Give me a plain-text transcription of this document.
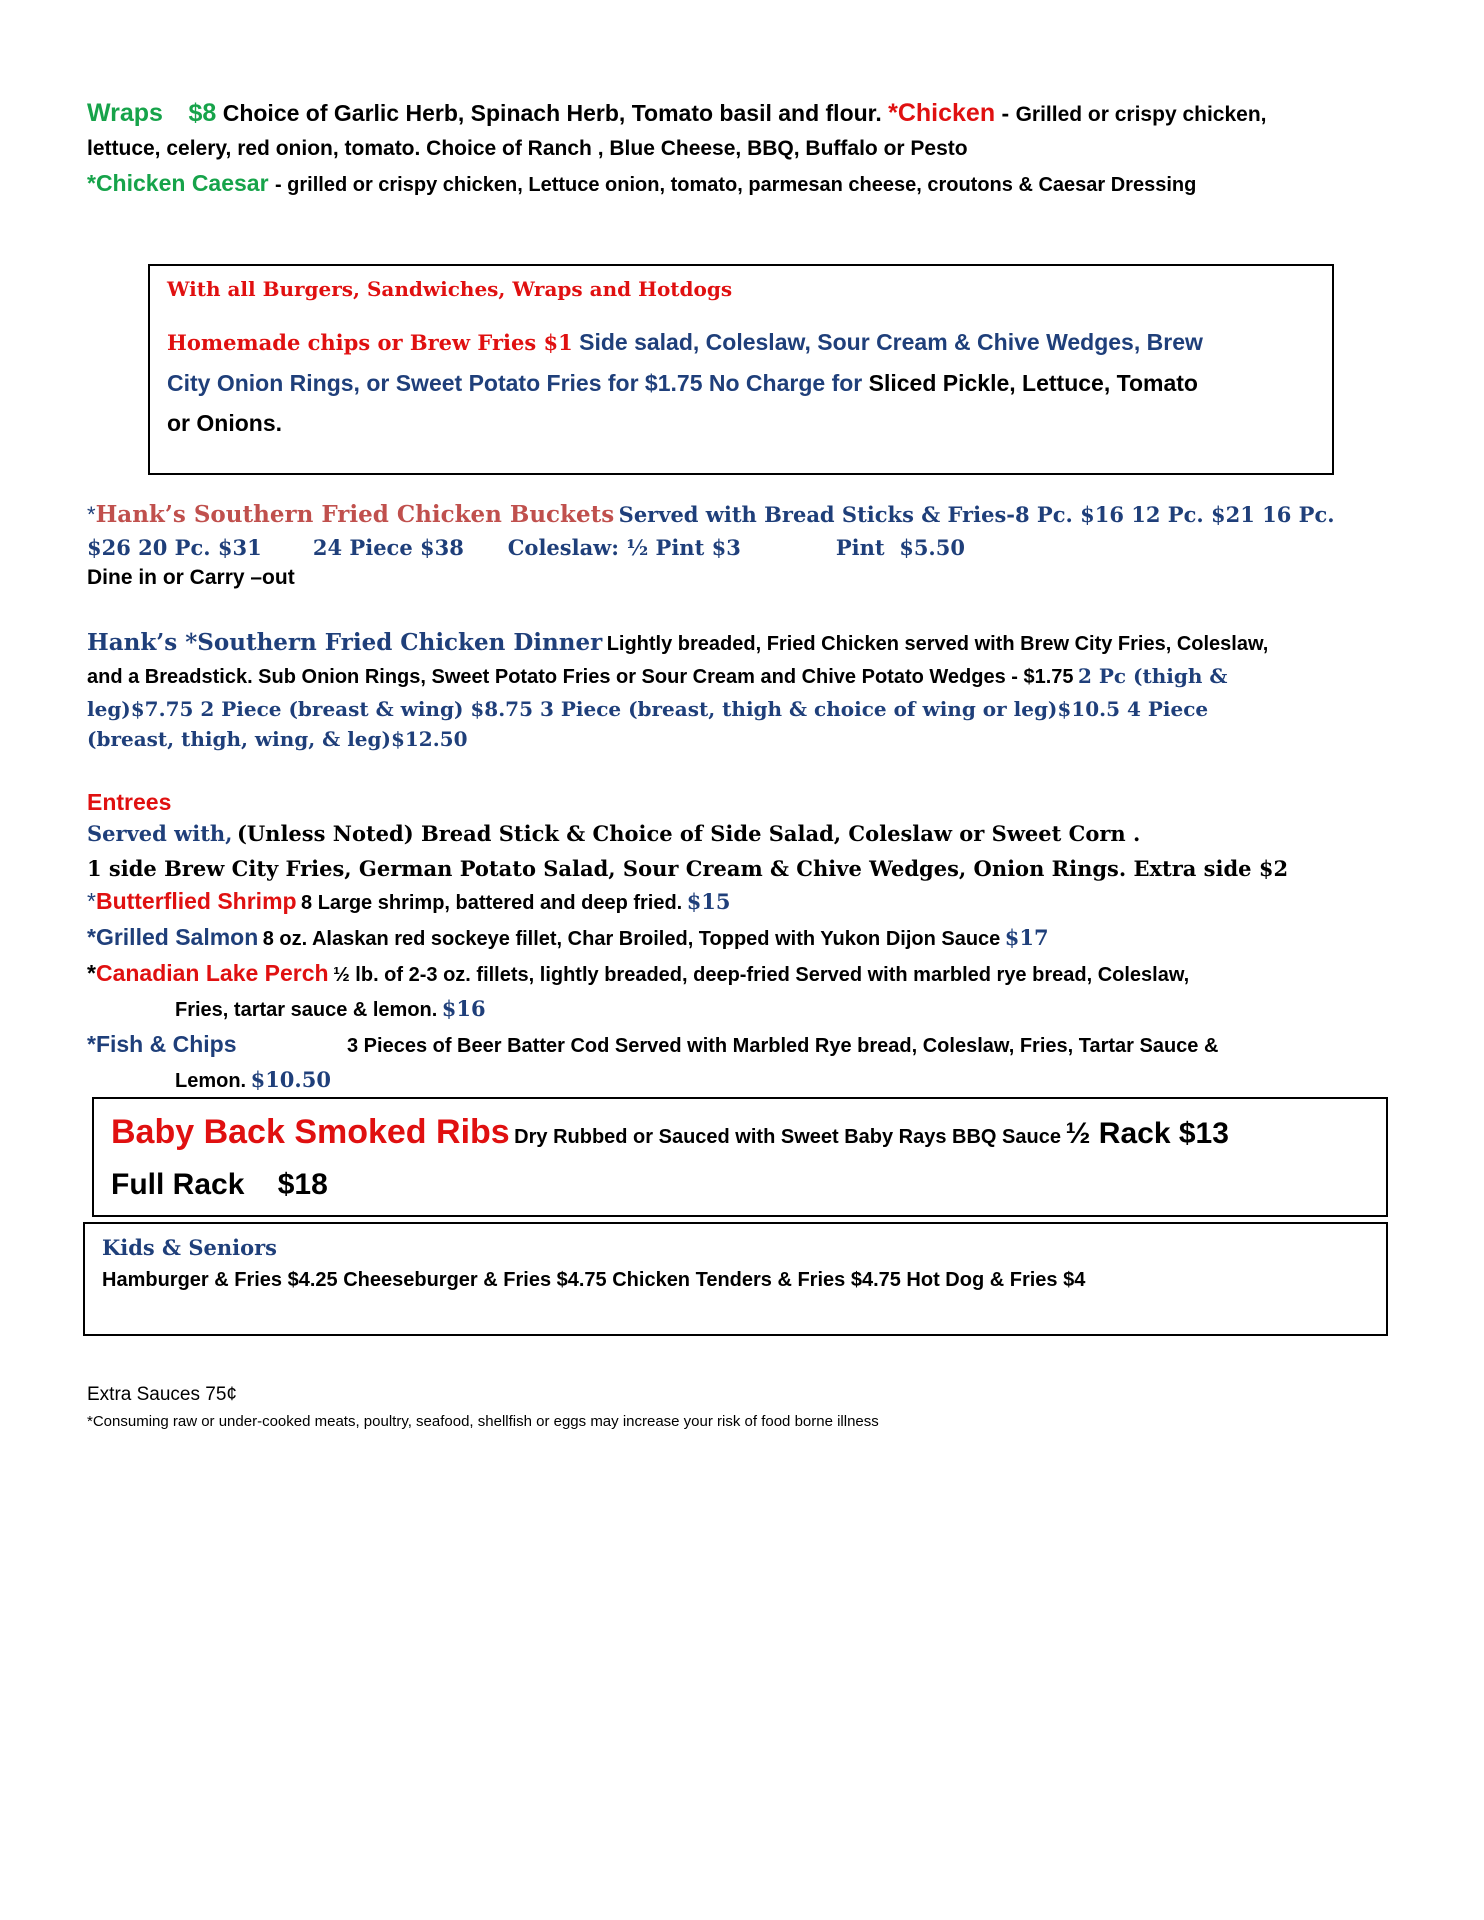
Wraps $8 Choice of Garlic Herb, Spinach Herb, Tomato basil and flour. *Chicken - Grilled or crispy chicken,

lettuce, celery, red onion, tomato. Choice of Ranch , Blue Cheese, BBQ, Buffalo or Pesto

*Chicken Caesar - grilled or crispy chicken, Lettuce onion, tomato, parmesan cheese, croutons & Caesar Dressing

With all Burgers, Sandwiches, Wraps and Hotdogs

Homemade chips or Brew Fries $1 Side salad, Coleslaw, Sour Cream & Chive Wedges, Brew

City Onion Rings, or Sweet Potato Fries for $1.75 No Charge for Sliced Pickle, Lettuce, Tomato

or Onions.

*Hank’s Southern Fried Chicken Buckets Served with Bread Sticks & Fries-8 Pc. $16 12 Pc. $21 16 Pc.

$26 20 Pc. $31       24 Piece $38      Coleslaw: ½ Pint $3             Pint  $5.50

Dine in or Carry –out

Hank’s *Southern Fried Chicken Dinner Lightly breaded, Fried Chicken served with Brew City Fries, Coleslaw,

and a Breadstick. Sub Onion Rings, Sweet Potato Fries or Sour Cream and Chive Potato Wedges - $1.75 2 Pc (thigh &

leg)$7.75 2 Piece (breast & wing) $8.75 3 Piece (breast, thigh & choice of wing or leg)$10.5 4 Piece

(breast, thigh, wing, & leg)$12.50

Entrees

Served with, (Unless Noted) Bread Stick & Choice of Side Salad, Coleslaw or Sweet Corn .

1 side Brew City Fries, German Potato Salad, Sour Cream & Chive Wedges, Onion Rings. Extra side $2

*Butterflied Shrimp 8 Large shrimp, battered and deep fried. $15

*Grilled Salmon 8 oz. Alaskan red sockeye fillet, Char Broiled, Topped with Yukon Dijon Sauce $17

*Canadian Lake Perch ½ lb. of 2-3 oz. fillets, lightly breaded, deep-fried Served with marbled rye bread, Coleslaw,

Fries, tartar sauce & lemon. $16

*Fish & Chips	3 Pieces of Beer Batter Cod Served with Marbled Rye bread, Coleslaw, Fries, Tartar Sauce &

Lemon. $10.50

Baby Back Smoked Ribs Dry Rubbed or Sauced with Sweet Baby Rays BBQ Sauce ½ Rack $13

Full Rack    $18

Kids & Seniors

Hamburger & Fries $4.25 Cheeseburger & Fries $4.75 Chicken Tenders & Fries $4.75 Hot Dog & Fries $4

Extra Sauces 75¢

*Consuming raw or under-cooked meats, poultry, seafood, shellfish or eggs may increase your risk of food borne illness
